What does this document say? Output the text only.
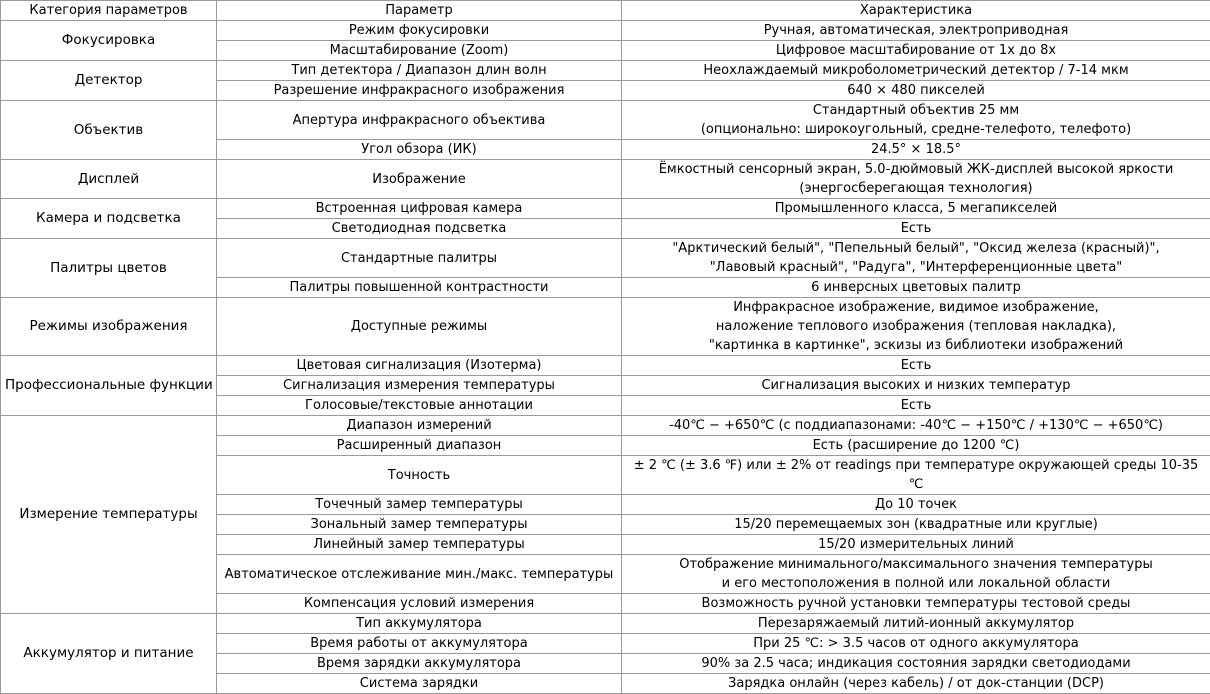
Категория параметров	Параметр	Характеристика
Фокусировка	Режим фокусировки	Ручная, автоматическая, электроприводная
	Масштабирование (Zoom)	Цифровое масштабирование от 1x до 8x
Детектор	Тип детектора / Диапазон длин волн	Неохлаждаемый микроболометрический детектор / 7-14 мкм
	Разрешение инфракрасного изображения	640 × 480 пикселей
Объектив	Апертура инфракрасного объектива	Стандартный объектив 25 мм
(опционально: широкоугольный, средне-телефото, телефото)
	Угол обзора (ИК)	24.5° × 18.5°
Дисплей	Изображение	Ёмкостный сенсорный экран, 5.0-дюймовый ЖК-дисплей высокой яркости
(энергосберегающая технология)
Камера и подсветка	Встроенная цифровая камера	Промышленного класса, 5 мегапикселей
	Светодиодная подсветка	Есть
Палитры цветов	Стандартные палитры	"Арктический белый", "Пепельный белый", "Оксид железа (красный)",
"Лавовый красный", "Радуга", "Интерференционные цвета"
	Палитры повышенной контрастности	6 инверсных цветовых палитр
Режимы изображения	Доступные режимы	Инфракрасное изображение, видимое изображение,
наложение теплового изображения (тепловая накладка),
"картинка в картинке", эскизы из библиотеки изображений
Профессиональные функции	Цветовая сигнализация (Изотерма)	Есть
	Сигнализация измерения температуры	Сигнализация высоких и низких температур
	Голосовые/текстовые аннотации	Есть
Измерение температуры	Диапазон измерений	-40℃ − +650℃ (с поддиапазонами: -40℃ − +150℃ / +130℃ − +650℃)
	Расширенный диапазон	Есть (расширение до 1200 ℃)
	Точность	± 2 ℃ (± 3.6 ℉) или ± 2% от readings при температуре окружающей среды 10-35 ℃
	Точечный замер температуры	До 10 точек
	Зональный замер температуры	15/20 перемещаемых зон (квадратные или круглые)
	Линейный замер температуры	15/20 измерительных линий
	Автоматическое отслеживание мин./макс. температуры	Отображение минимального/максимального значения температуры
и его местоположения в полной или локальной области
	Компенсация условий измерения	Возможность ручной установки температуры тестовой среды
Аккумулятор и питание	Тип аккумулятора	Перезаряжаемый литий-ионный аккумулятор
	Время работы от аккумулятора	При 25 ℃: > 3.5 часов от одного аккумулятора
	Время зарядки аккумулятора	90% за 2.5 часа; индикация состояния зарядки светодиодами
	Система зарядки	Зарядка онлайн (через кабель) / от док-станции (DCP)
